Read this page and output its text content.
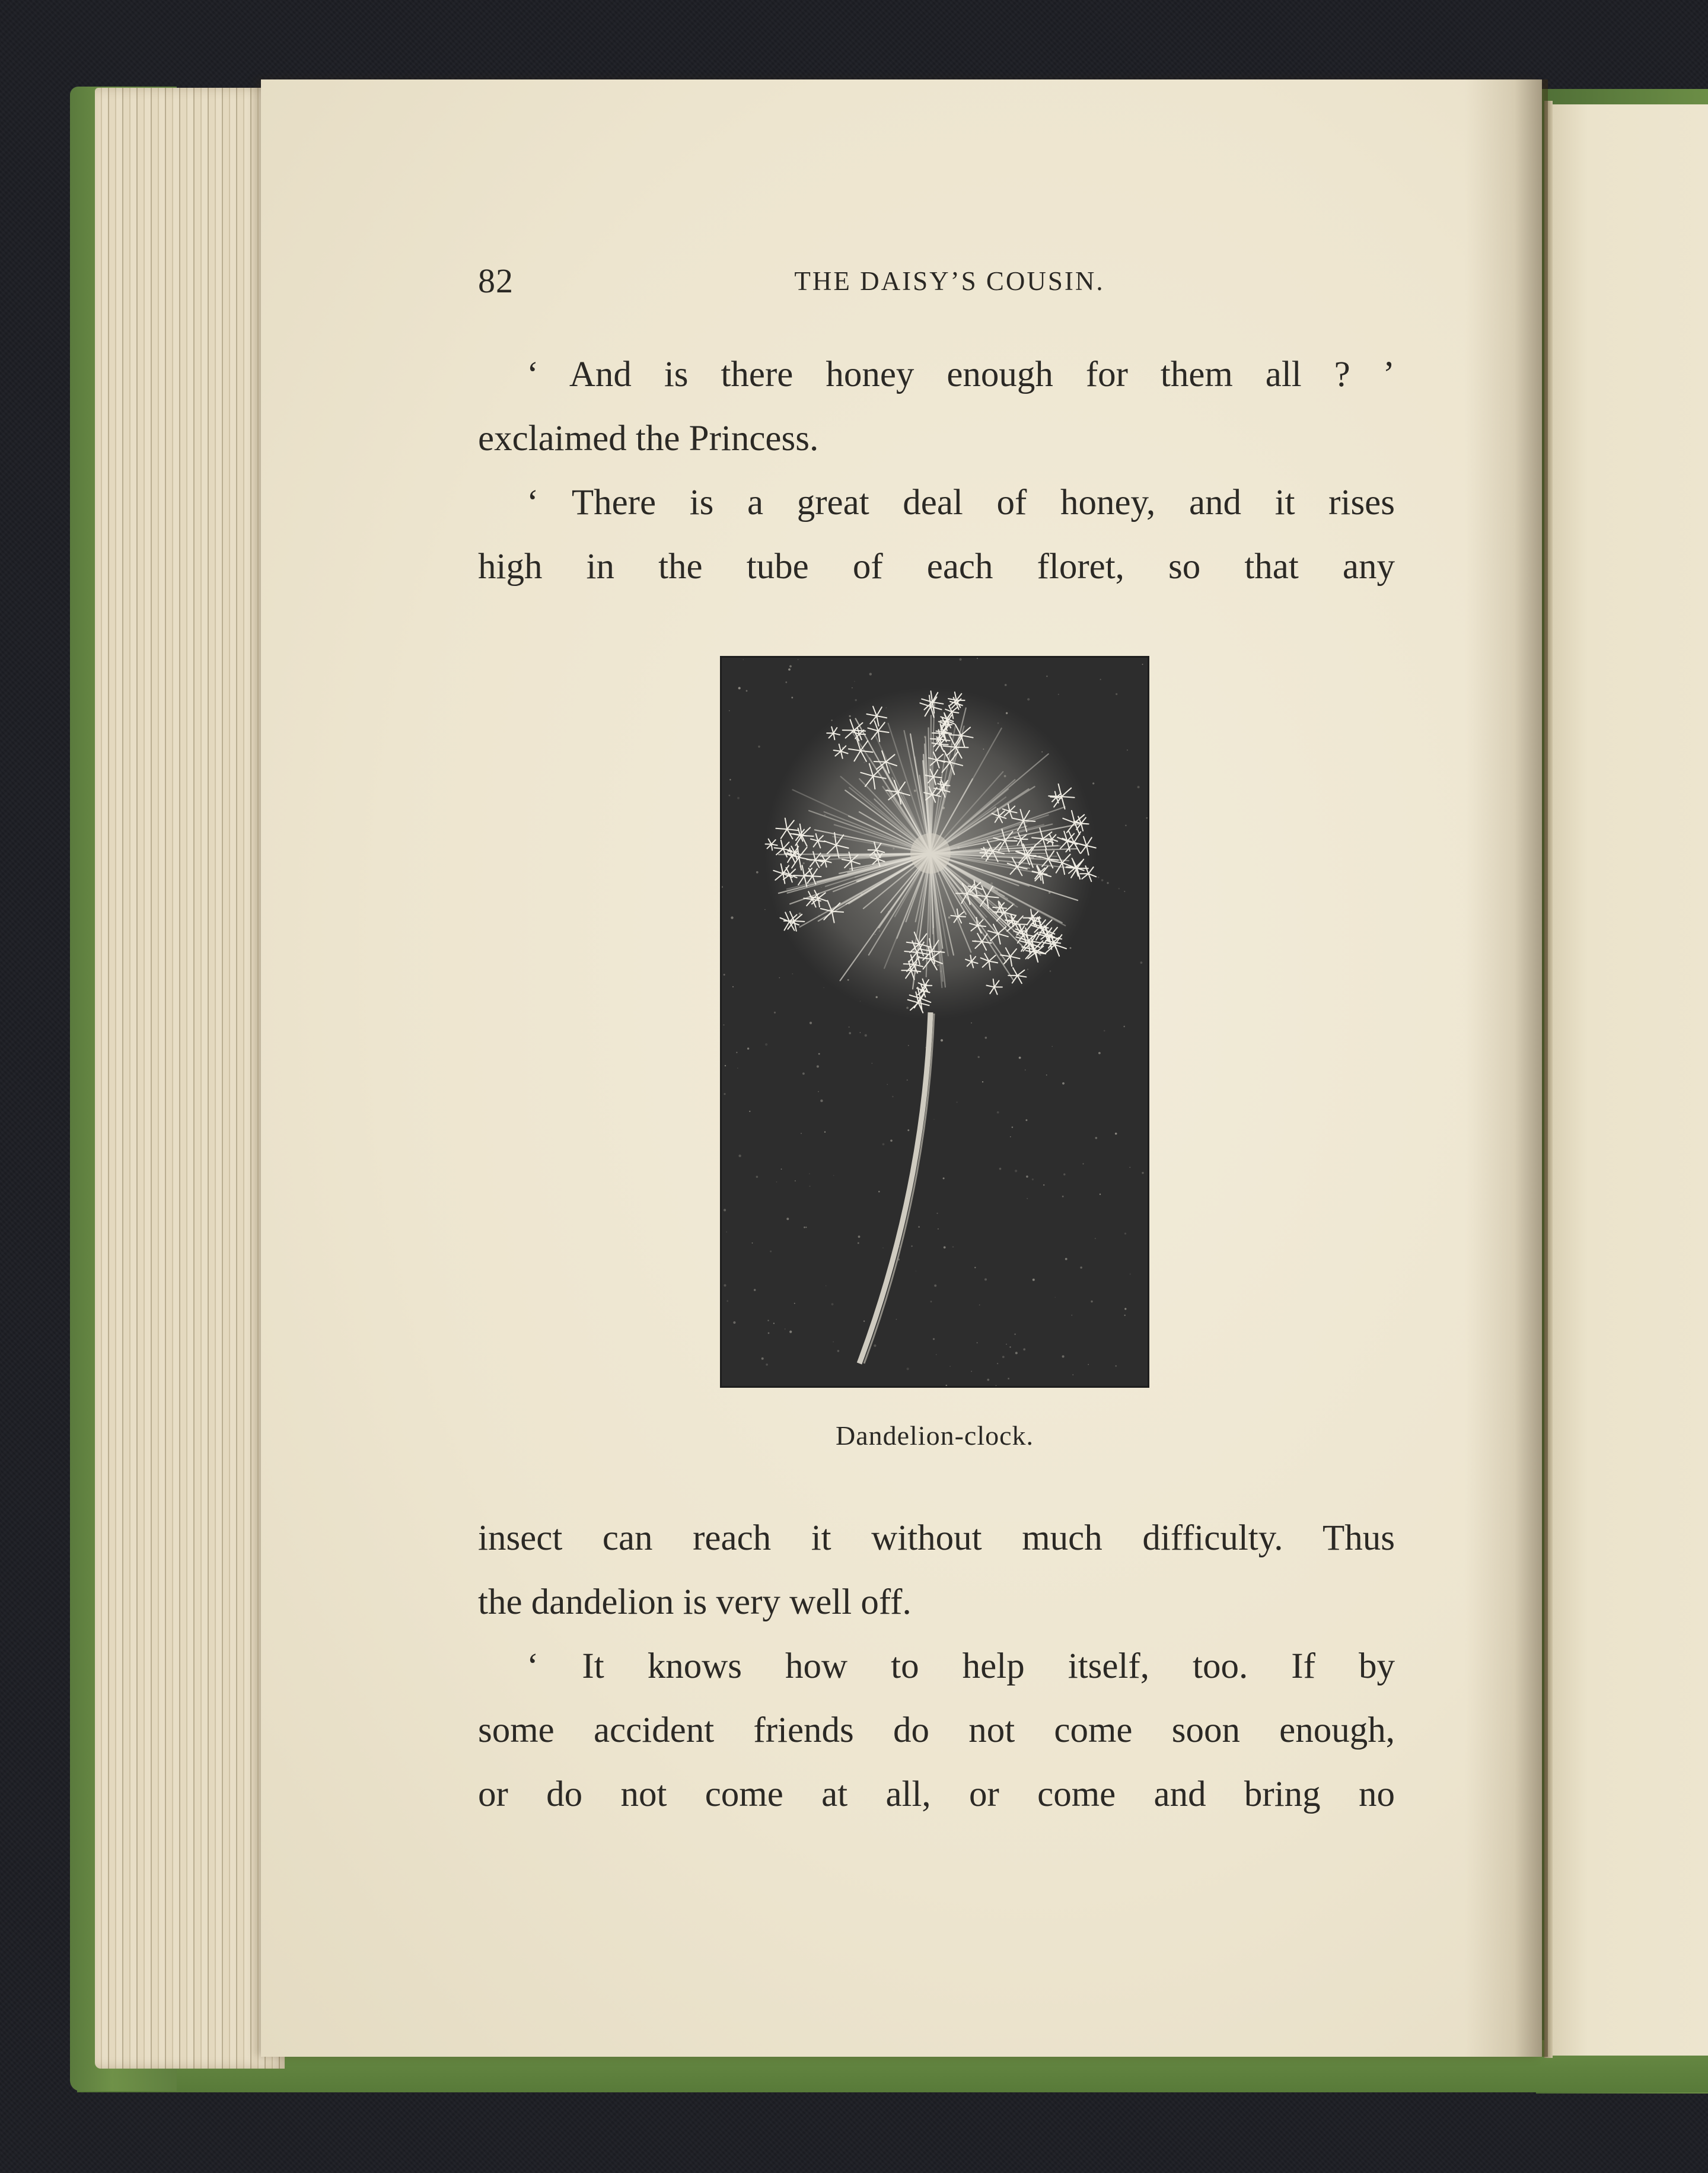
82	THE DAISY’S COUSIN.
‘ And is there honey enough for them all ? ’
exclaimed the Princess.
‘ There is a great deal of honey, and it rises
high in the tube of each floret, so that any
Dandelion-clock.
insect can reach it without much difficulty. Thus
the dandelion is very well off.
‘ It knows how to help itself, too. If by
some accident friends do not come soon enough,
or do not come at all, or come and bring no
